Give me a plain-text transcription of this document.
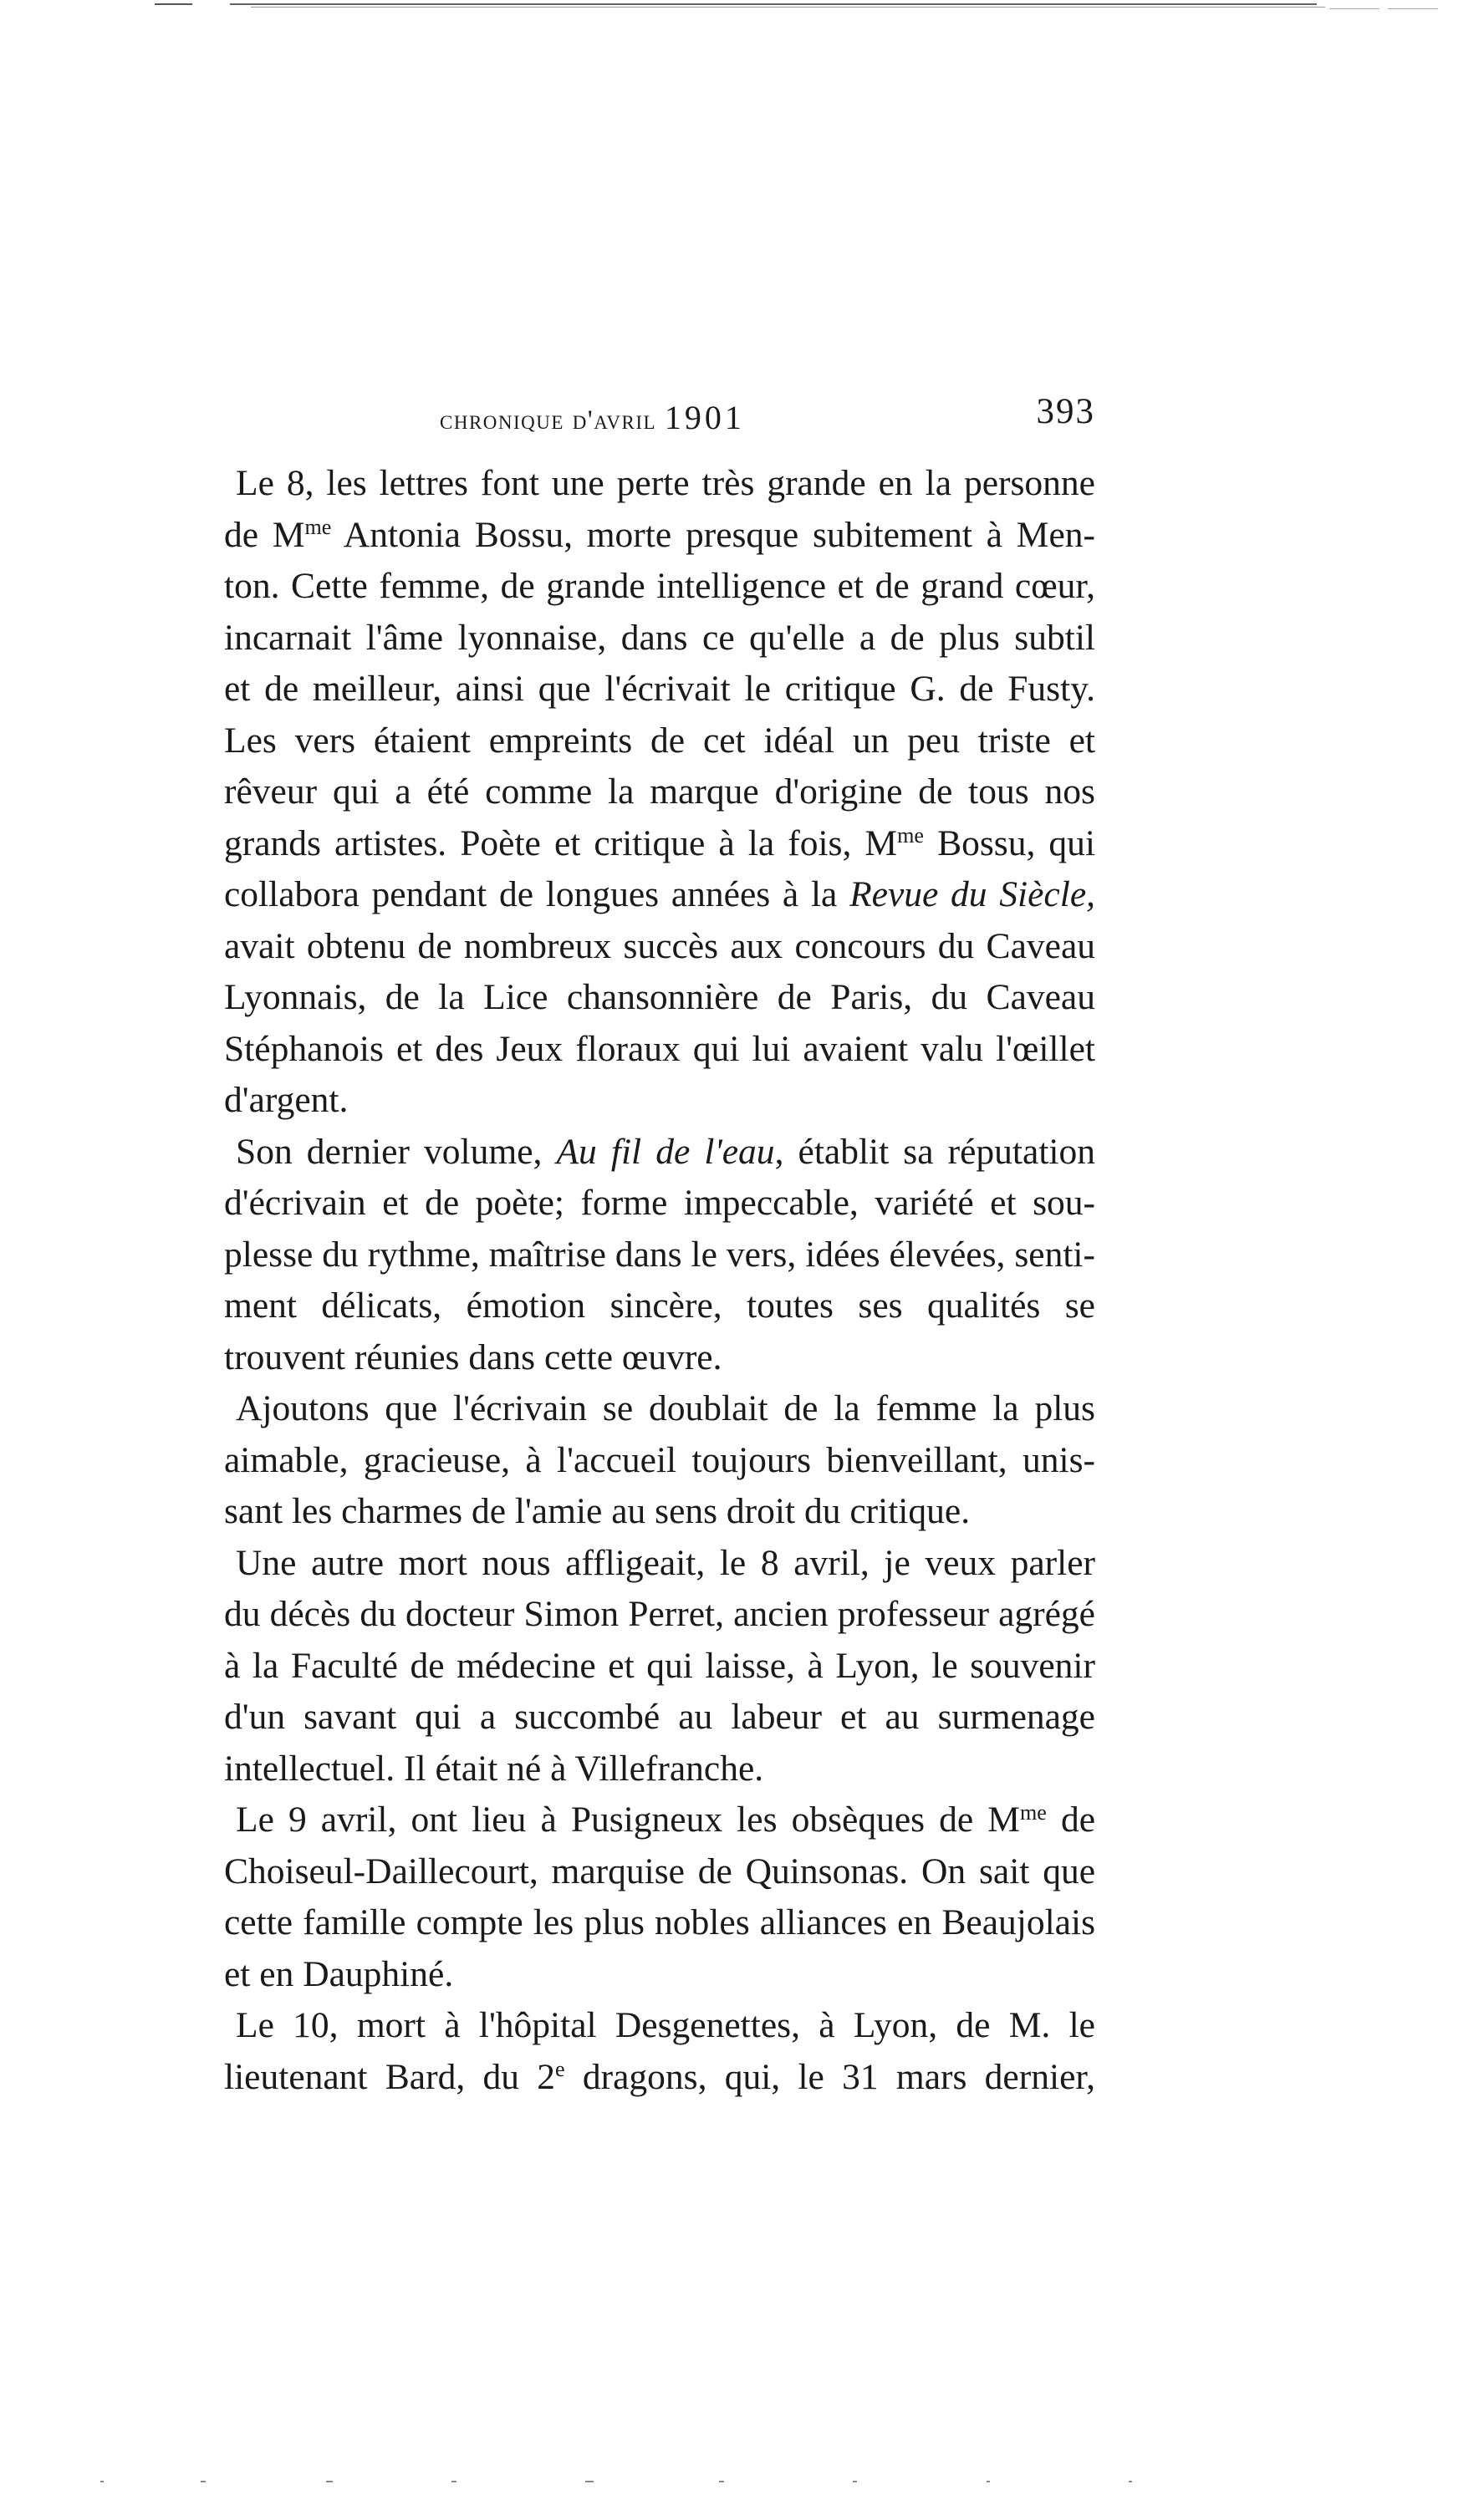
chronique d'avril 1901	393

Le 8, les lettres font une perte très grande en la personne
de $M^{me}$ Antonia Bossu, morte presque subitement à Men-
ton. Cette femme, de grande intelligence et de grand cœur,
incarnait l'âme lyonnaise, dans ce qu'elle a de plus subtil
et de meilleur, ainsi que l'écrivait le critique G. de Fusty.
Les vers étaient empreints de cet idéal un peu triste et
rêveur qui a été comme la marque d'origine de tous nos
grands artistes. Poète et critique à la fois, $M^{me}$ Bossu, qui
collabora pendant de longues années à la Revue du Siècle,
avait obtenu de nombreux succès aux concours du Caveau
Lyonnais, de la Lice chansonnière de Paris, du Caveau
Stéphanois et des Jeux floraux qui lui avaient valu l'œillet
d'argent.

Son dernier volume, Au fil de l'eau, établit sa réputation
d'écrivain et de poète; forme impeccable, variété et sou-
plesse du rythme, maîtrise dans le vers, idées élevées, senti-
ment délicats, émotion sincère, toutes ses qualités se
trouvent réunies dans cette œuvre.

Ajoutons que l'écrivain se doublait de la femme la plus
aimable, gracieuse, à l'accueil toujours bienveillant, unis-
sant les charmes de l'amie au sens droit du critique.

Une autre mort nous affligeait, le 8 avril, je veux parler
du décès du docteur Simon Perret, ancien professeur agrégé
à la Faculté de médecine et qui laisse, à Lyon, le souvenir
d'un savant qui a succombé au labeur et au surmenage
intellectuel. Il était né à Villefranche.

Le 9 avril, ont lieu à Pusigneux les obsèques de $M^{me}$ de
Choiseul-Daillecourt, marquise de Quinsonas. On sait que
cette famille compte les plus nobles alliances en Beaujolais
et en Dauphiné.

Le 10, mort à l'hôpital Desgenettes, à Lyon, de M. le
lieutenant Bard, du 2e dragons, qui, le 31 mars dernier,
